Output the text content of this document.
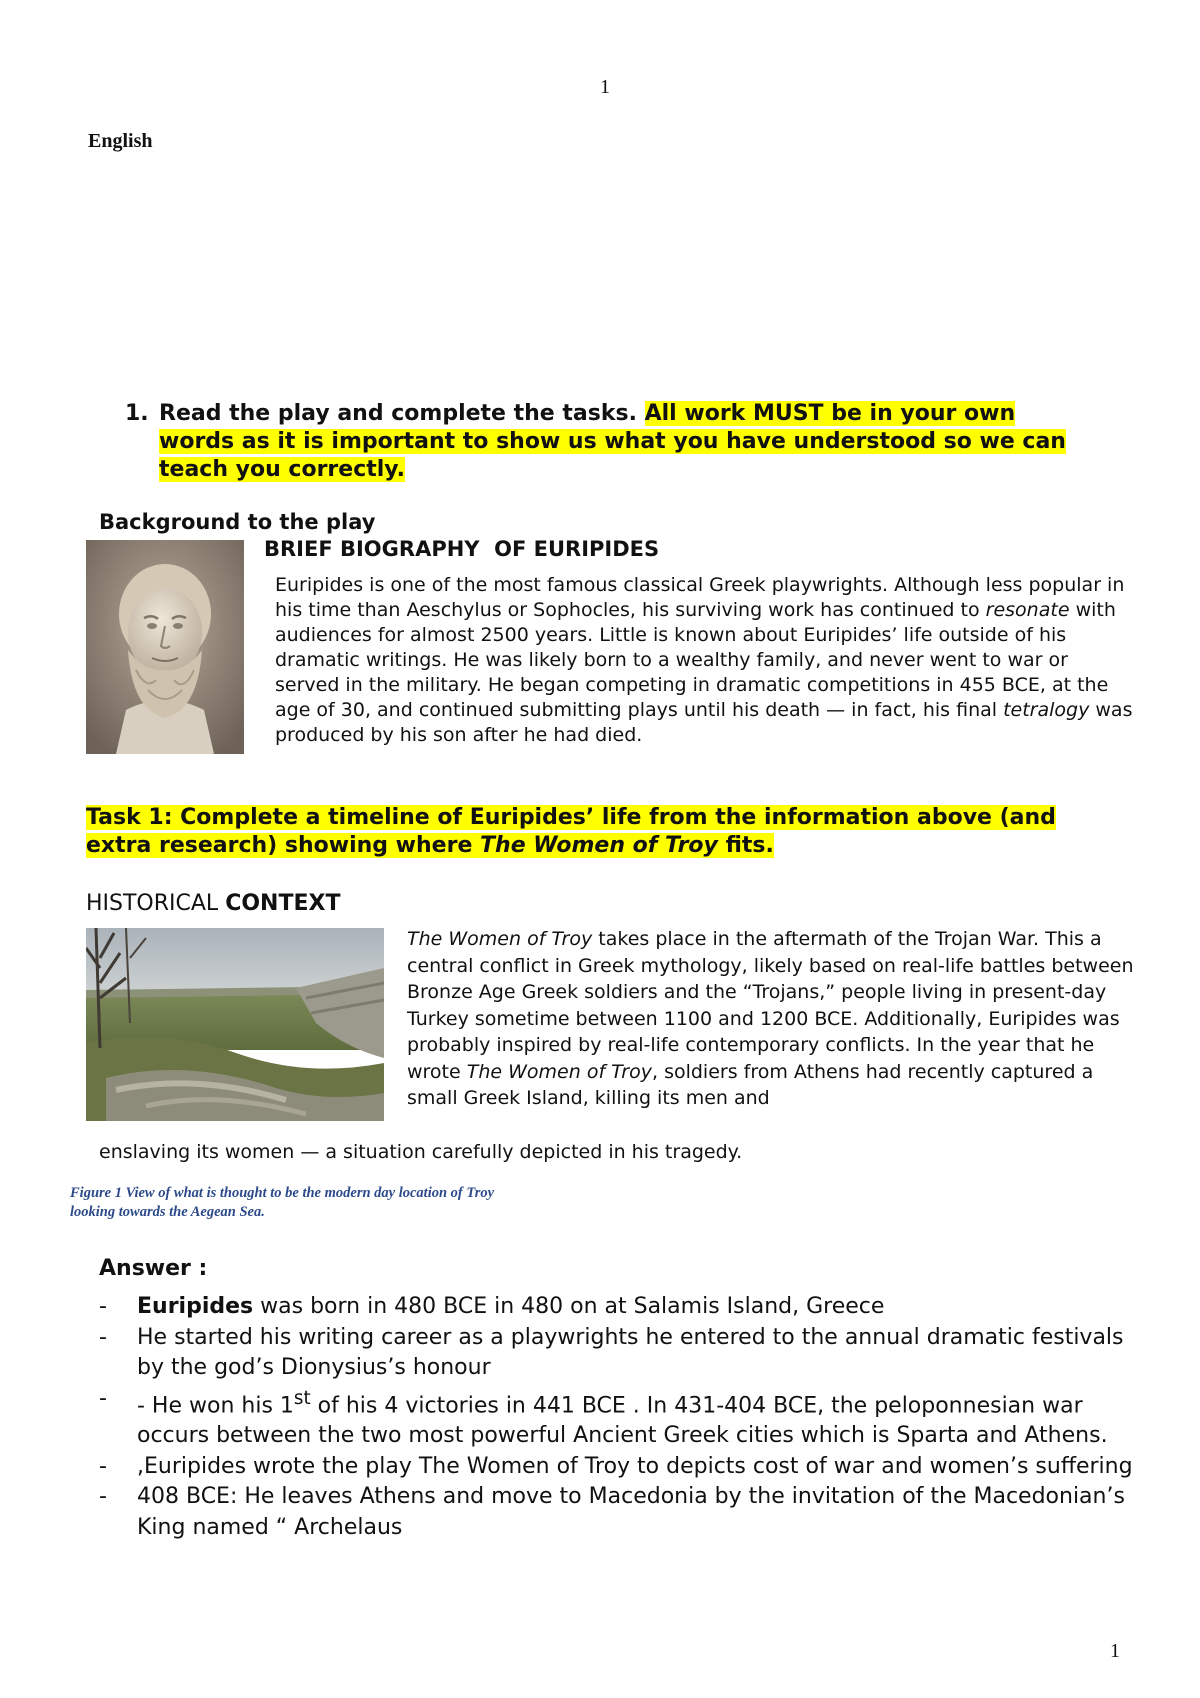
1
English
1. Read the play and complete the tasks. All work MUST be in your own words as it is important to show us what you have understood so we can teach you correctly.
Background to the play
BRIEF BIOGRAPHY OF EURIPIDES
Euripides is one of the most famous classical Greek playwrights. Although less popular in his time than Aeschylus or Sophocles, his surviving work has continued to resonate with audiences for almost 2500 years. Little is known about Euripides’ life outside of his dramatic writings. He was likely born to a wealthy family, and never went to war or served in the military. He began competing in dramatic competitions in 455 BCE, at the age of 30, and continued submitting plays until his death — in fact, his final tetralogy was produced by his son after he had died.
Task 1: Complete a timeline of Euripides’ life from the information above (and extra research) showing where The Women of Troy fits.
HISTORICAL CONTEXT
The Women of Troy takes place in the aftermath of the Trojan War. This a central conflict in Greek mythology, likely based on real-life battles between Bronze Age Greek soldiers and the “Trojans,” people living in present-day Turkey sometime between 1100 and 1200 BCE. Additionally, Euripides was probably inspired by real-life contemporary conflicts. In the year that he wrote The Women of Troy, soldiers from Athens had recently captured a small Greek Island, killing its men and
enslaving its women — a situation carefully depicted in his tragedy.
Figure 1 View of what is thought to be the modern day location of Troy looking towards the Aegean Sea.
Answer :
- Euripides was born in 480 BCE in 480 on at Salamis Island, Greece
- He started his writing career as a playwrights he entered to the annual dramatic festivals by the god’s Dionysius’s honour
- - He won his 1st of his 4 victories in 441 BCE . In 431-404 BCE, the peloponnesian war occurs between the two most powerful Ancient Greek cities which is Sparta and Athens.
- ,Euripides wrote the play The Women of Troy to depicts cost of war and women’s suffering
- 408 BCE: He leaves Athens and move to Macedonia by the invitation of the Macedonian’s King named “ Archelaus
1
